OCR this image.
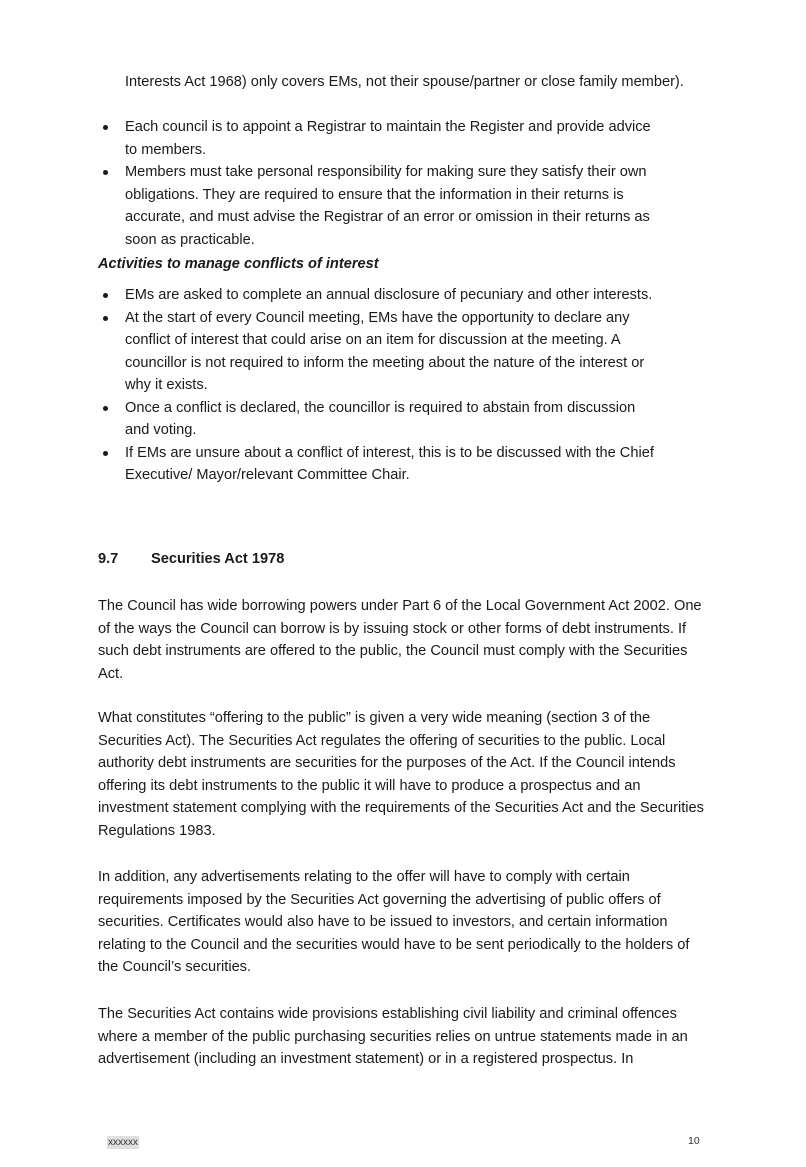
Interests Act 1968) only covers EMs, not their spouse/partner or close family member).
Each council is to appoint a Registrar to maintain the Register and provide advice to members.
Members must take personal responsibility for making sure they satisfy their own obligations. They are required to ensure that the information in their returns is accurate, and must advise the Registrar of an error or omission in their returns as soon as practicable.
Activities to manage conflicts of interest
EMs are asked to complete an annual disclosure of pecuniary and other interests.
At the start of every Council meeting, EMs have the opportunity to declare any conflict of interest that could arise on an item for discussion at the meeting. A councillor is not required to inform the meeting about the nature of the interest or why it exists.
Once a conflict is declared, the councillor is required to abstain from discussion and voting.
If EMs are unsure about a conflict of interest, this is to be discussed with the Chief Executive/ Mayor/relevant Committee Chair.
9.7 Securities Act 1978

The Council has wide borrowing powers under Part 6 of the Local Government Act 2002. One of the ways the Council can borrow is by issuing stock or other forms of debt instruments. If such debt instruments are offered to the public, the Council must comply with the Securities Act.

What constitutes “offering to the public” is given a very wide meaning (section 3 of the Securities Act). The Securities Act regulates the offering of securities to the public. Local authority debt instruments are securities for the purposes of the Act. If the Council intends offering its debt instruments to the public it will have to produce a prospectus and an investment statement complying with the requirements of the Securities Act and the Securities Regulations 1983.

In addition, any advertisements relating to the offer will have to comply with certain requirements imposed by the Securities Act governing the advertising of public offers of securities. Certificates would also have to be issued to investors, and certain information relating to the Council and the securities would have to be sent periodically to the holders of the Council’s securities.

The Securities Act contains wide provisions establishing civil liability and criminal offences where a member of the public purchasing securities relies on untrue statements made in an advertisement (including an investment statement) or in a registered prospectus. In

xxxxxx	10
